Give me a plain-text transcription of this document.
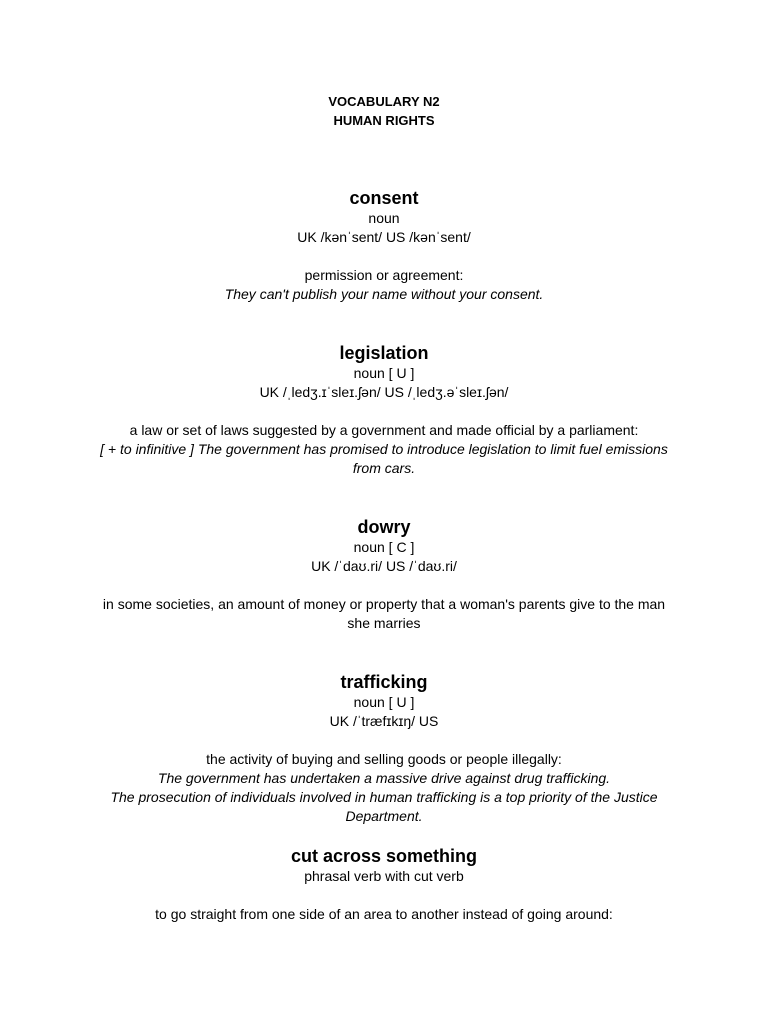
VOCABULARY N2
HUMAN RIGHTS

consent

noun

UK /kənˈsent/ US /kənˈsent/

permission or agreement:

They can't publish your name without your consent.

legislation

noun [ U ]

UK /ˌledʒ.ɪˈsleɪ.ʃən/ US /ˌledʒ.əˈsleɪ.ʃən/

a law or set of laws suggested by a government and made official by a parliament:

[ + to infinitive ] The government has promised to introduce legislation to limit fuel emissions from cars.

dowry

noun [ C ]

UK /ˈdaʊ.ri/ US /ˈdaʊ.ri/

in some societies, an amount of money or property that a woman's parents give to the man she marries

trafficking

noun [ U ]

UK /ˈtræfɪkɪŋ/ US

the activity of buying and selling goods or people illegally:

The government has undertaken a massive drive against drug trafficking.

The prosecution of individuals involved in human trafficking is a top priority of the Justice Department.

cut across something

phrasal verb with cut verb

to go straight from one side of an area to another instead of going around:
